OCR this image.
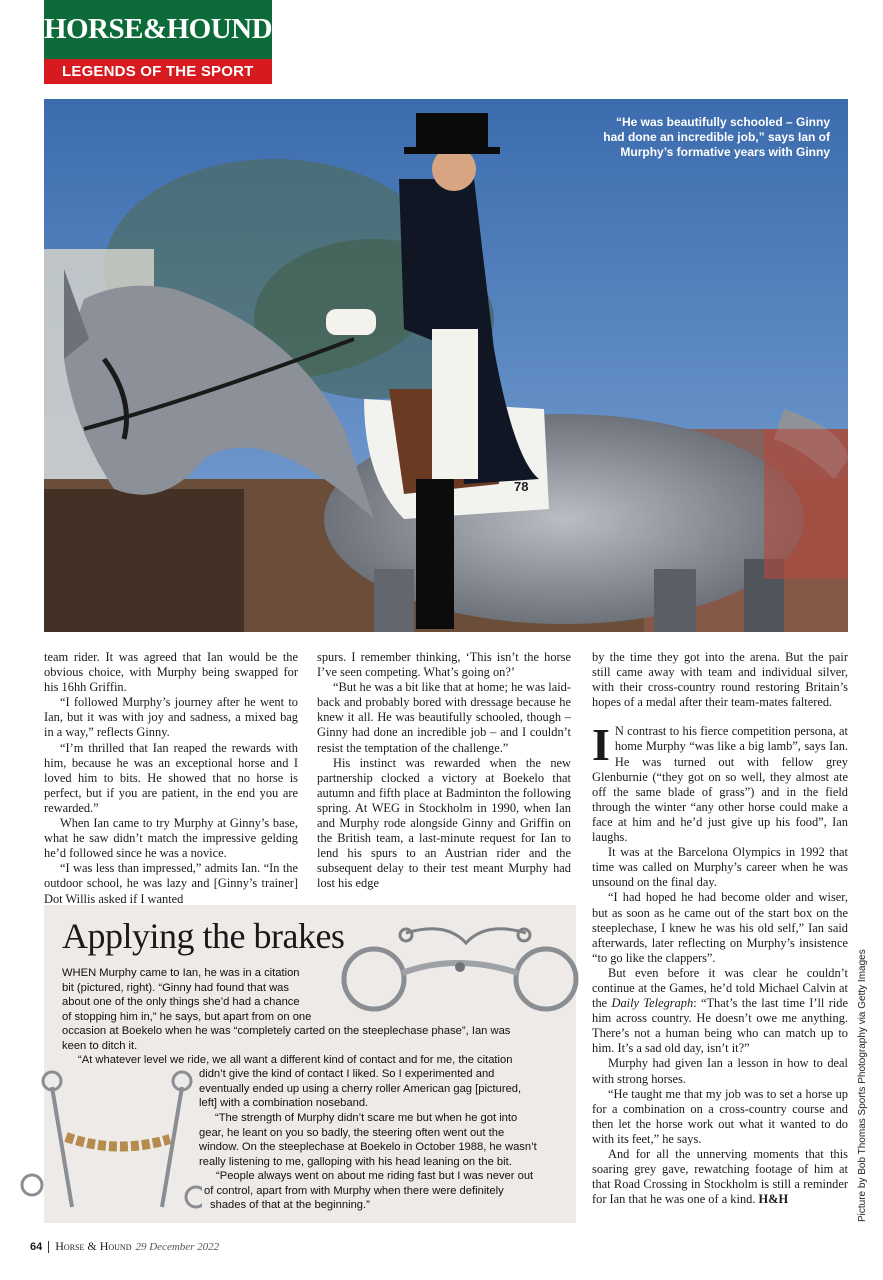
HORSE&HOUND
LEGENDS OF THE SPORT
78
“He was beautifully schooled – Ginny had done an incredible job,” says Ian of Murphy’s formative years with Ginny

team rider. It was agreed that Ian would be the obvious choice, with Murphy being swapped for his 16hh Griffin.

“I followed Murphy’s journey after he went to Ian, but it was with joy and sadness, a mixed bag in a way,” reflects Ginny.

“I’m thrilled that Ian reaped the rewards with him, because he was an exceptional horse and I loved him to bits. He showed that no horse is perfect, but if you are patient, in the end you are rewarded.”

When Ian came to try Murphy at Ginny’s base, what he saw didn’t match the impressive gelding he’d followed since he was a novice.

“I was less than impressed,” admits Ian. “In the outdoor school, he was lazy and [Ginny’s trainer] Dot Willis asked if I wanted

spurs. I remember thinking, ‘This isn’t the horse I’ve seen competing. What’s going on?’

“But he was a bit like that at home; he was laid-back and probably bored with dressage because he knew it all. He was beautifully schooled, though –Ginny had done an incredible job – and I couldn’t resist the temptation of the challenge.”

His instinct was rewarded when the new partnership clocked a victory at Boekelo that autumn and fifth place at Badminton the following spring. At WEG in Stockholm in 1990, when Ian and Murphy rode alongside Ginny and Griffin on the British team, a last-minute request for Ian to lend his spurs to an Austrian rider and the subsequent delay to their test meant Murphy had lost his edge

by the time they got into the arena. But the pair still came away with team and individual silver, with their cross-country round restoring Britain’s hopes of a medal after their team-mates faltered.

I N contrast to his fierce competition persona, at home Murphy “was like a big lamb”, says Ian. He was turned out with fellow grey Glenburnie (“they got on so well, they almost ate off the same blade of grass”) and in the field through the winter “any other horse could make a face at him and he’d just give up his food”, Ian laughs.

It was at the Barcelona Olympics in 1992 that time was called on Murphy’s career when he was unsound on the final day.

“I had hoped he had become older and wiser, but as soon as he came out of the start box on the steeplechase, I knew he was his old self,” Ian said afterwards, later reflecting on Murphy’s insistence “to go like the clappers”.

But even before it was clear he couldn’t continue at the Games, he’d told Michael Calvin at the Daily Telegraph: “That’s the last time I’ll ride him across country. He doesn’t owe me anything. There’s not a human being who can match up to him. It’s a sad old day, isn’t it?”

Murphy had given Ian a lesson in how to deal with strong horses.

“He taught me that my job was to set a horse up for a combination on a cross-country course and then let the horse work out what it wanted to do with its feet,” he says.

And for all the unnerving moments that this soaring grey gave, rewatching footage of him at that Road Crossing in Stockholm is still a reminder for Ian that he was one of a kind. H&H

Applying the brakes
WHEN Murphy came to Ian, he was in a citation
bit (pictured, right). “Ginny had found that was
about one of the only things she’d had a chance
of stopping him in,” he says, but apart from on one
occasion at Boekelo when he was “completely carted on the steeplechase phase”, Ian was
keen to ditch it.
“At whatever level we ride, we all want a different kind of contact and for me, the citation
didn’t give the kind of contact I liked. So I experimented and
eventually ended up using a cherry roller American gag [pictured,
left] with a combination noseband.
“The strength of Murphy didn’t scare me but when he got into
gear, he leant on you so badly, the steering often went out the
window. On the steeplechase at Boekelo in October 1988, he wasn’t
really listening to me, galloping with his head leaning on the bit.
“People always went on about me riding fast but I was never out
of control, apart from with Murphy when there were definitely
shades of that at the beginning.”
64	Horse & Hound 29 December 2022
Picture by Bob Thomas Sports Photography via Getty Images
